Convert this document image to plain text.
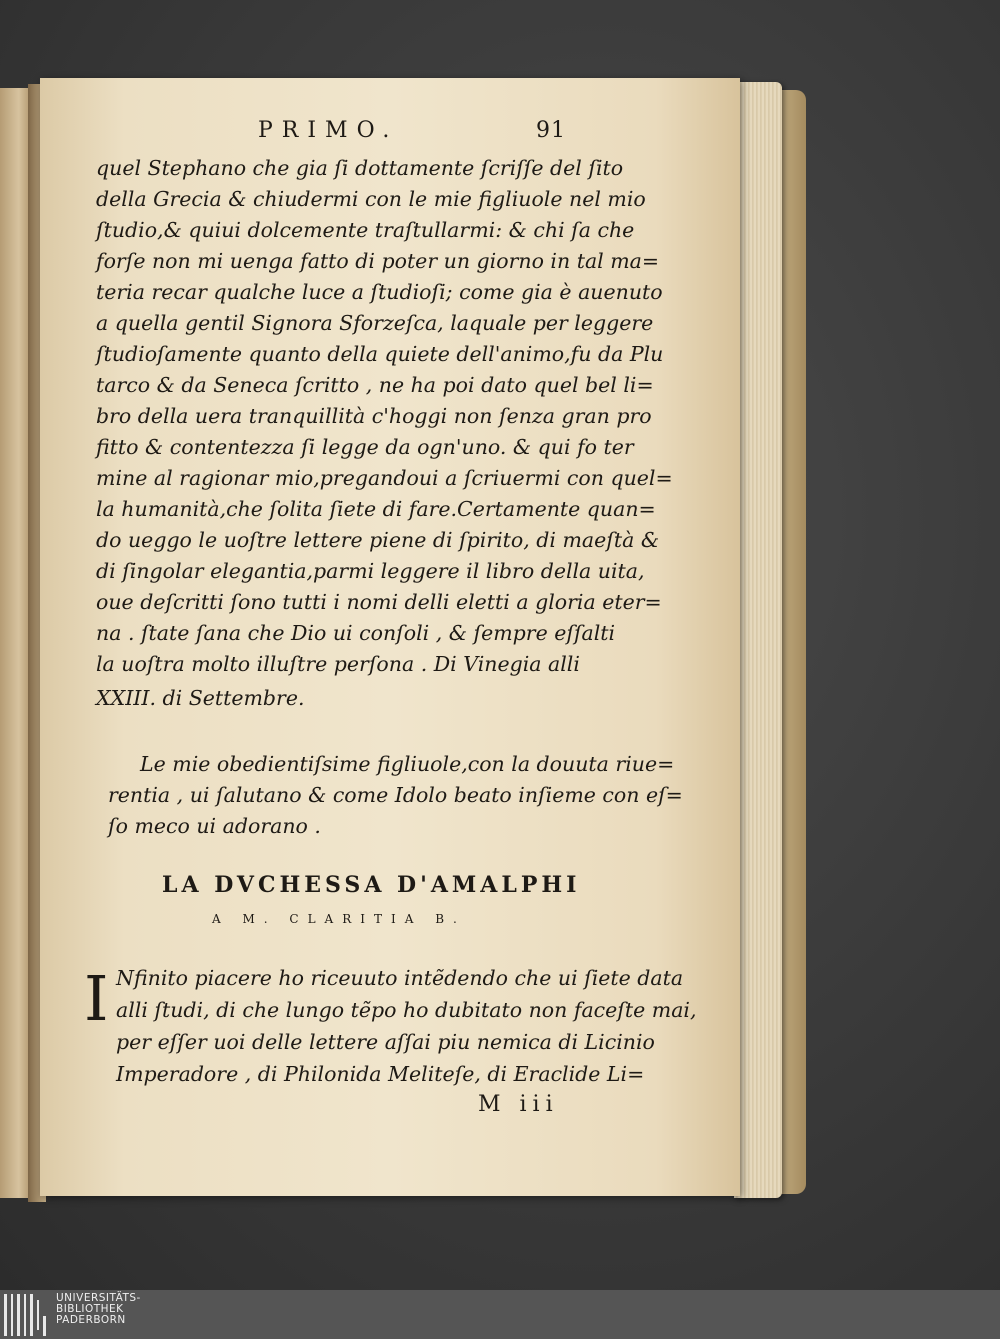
PRIMO.	91
quel Stephano che gia ſi dottamente ſcriſſe del ſito
della Grecia & chiudermi con le mie figliuole nel mio
ſtudio,& quiui dolcemente traſtullarmi: & chi ſa che
forſe non mi uenga fatto di poter un giorno in tal ma=
teria recar qualche luce a ſtudioſi; come gia è auenuto
a quella gentil Signora Sforzeſca, laquale per leggere
ſtudioſamente quanto della quiete dell'animo,fu da Plu
tarco & da Seneca ſcritto , ne ha poi dato quel bel li=
bro della uera tranquillità c'hoggi non ſenza gran pro
fitto & contentezza ſi legge da ogn'uno. & qui fo ter
mine al ragionar mio,pregandoui a ſcriuermi con quel=
la humanità,che ſolita ſiete di fare.Certamente quan=
do ueggo le uoſtre lettere piene di ſpirito, di maeſtà &
di ſingolar elegantia,parmi leggere il libro della uita,
oue deſcritti ſono tutti i nomi delli eletti a gloria eter=
na . ſtate ſana che Dio ui conſoli , & ſempre eſſalti
la uoſtra molto illuſtre perſona . Di Vinegia alli
XXIII. di Settembre.
Le mie obedientiſsime figliuole,con la douuta riue=
rentia , ui ſalutano & come Idolo beato inſieme con eſ=
ſo meco ui adorano .
LA DVCHESSA D'AMALPHI
A M. CLARITIA B.
I Nfinito piacere ho riceuuto intẽdendo che ui ſiete data
alli ſtudi, di che lungo tẽpo ho dubitato non faceſte mai,
per eſſer uoi delle lettere aſſai piu nemica di Licinio
Imperadore , di Philonida Meliteſe, di Eraclide Li=
M iii
UNIVERSITÄTS-
BIBLIOTHEK
PADERBORN
